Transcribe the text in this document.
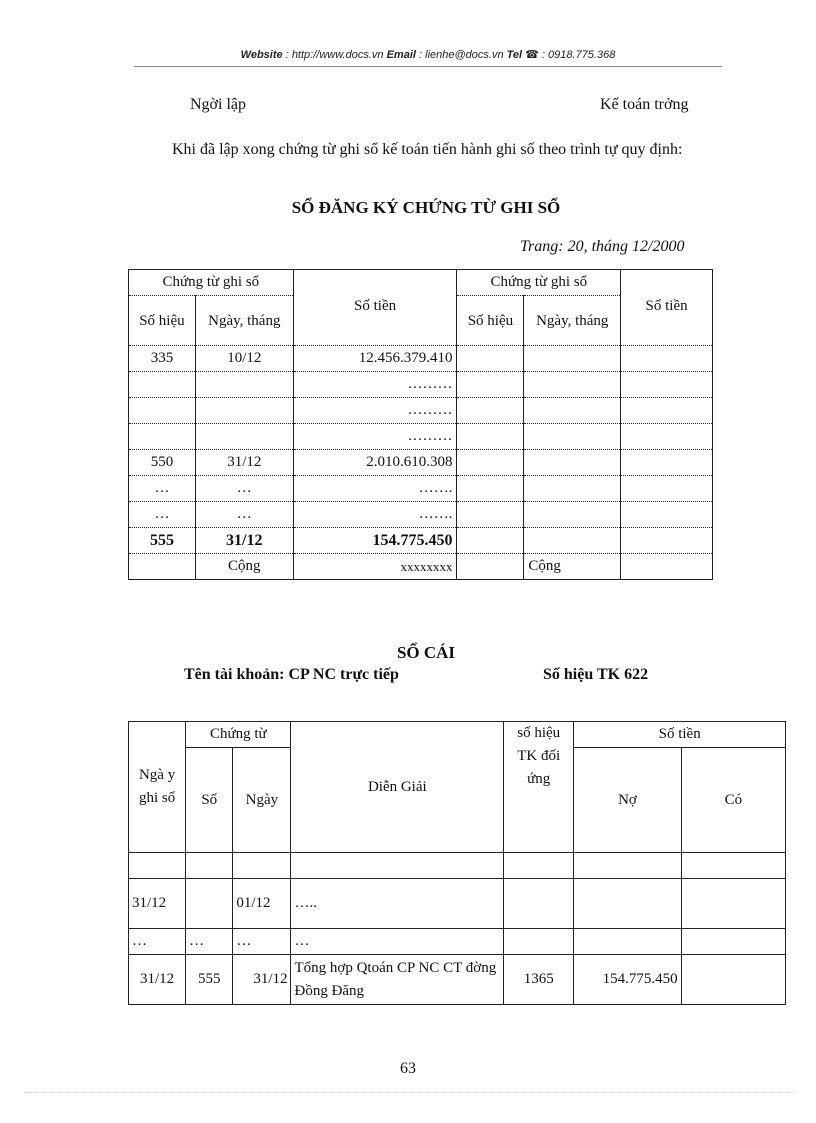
Website : http://www.docs.vn Email : lienhe@docs.vn Tel ☎ : 0918.775.368
Ngời lập	Kế toán trởng
Khi đã lập xong chứng từ ghi sổ kế toán tiến hành ghi số theo trình tự quy định:
SỔ ĐĂNG KÝ CHỨNG TỪ GHI SỔ
Trang: 20, tháng 12/2000
Chứng từ ghi sổ		Số tiền	Chứng từ ghi sổ		Số tiền
Số hiệu	Ngày, tháng		Số hiệu	Ngày, tháng	

335	10/12	12.456.379.410			
		………			
		………			
		………			
550	31/12	2.010.610.308			
…	…	…….			
…	…	…….			
555	31/12	154.775.450			
	Cộng	xxxxxxxx		Cộng	
SỔ CÁI
Tên tài khoản: CP NC trực tiếp	Số hiệu TK 622
Ngà y ghi sổ	Chứng từ		Diễn Giải	số hiệu TK đối ứng	Số tiền	
	Số	Ngày			Nợ	Có

31/12		01/12	…..			
…	…	…	…			
31/12	555	31/12	Tổng hợp Qtoán CP NC CT đờng Đồng Đăng	1365	154.775.450	
63
